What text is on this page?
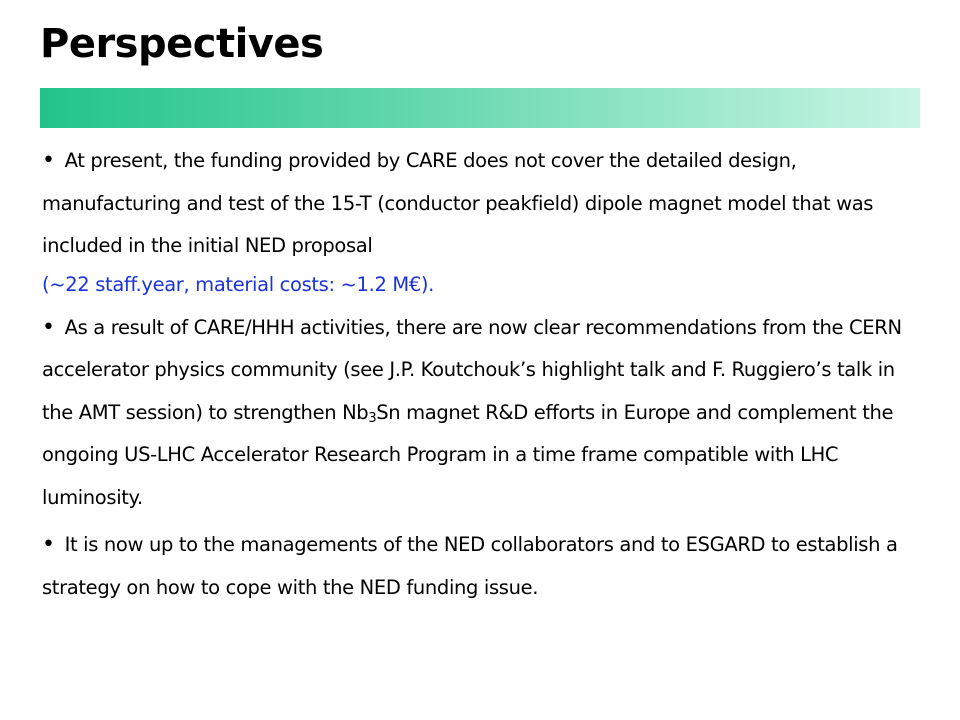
Perspectives

• At present, the funding provided by CARE does not cover the detailed design, manufacturing and test of the 15-T (conductor peakfield) dipole magnet model that was included in the initial NED proposal
(~22 staff.year, material costs: ~1.2 M€).

• As a result of CARE/HHH activities, there are now clear recommendations from the CERN accelerator physics community (see J.P. Koutchouk’s highlight talk and F. Ruggiero’s talk in the AMT session) to strengthen $Nb_3Sn$ magnet R&D efforts in Europe and complement the ongoing US-LHC Accelerator Research Program in a time frame compatible with LHC luminosity.

• It is now up to the managements of the NED collaborators and to ESGARD to establish a strategy on how to cope with the NED funding issue.
